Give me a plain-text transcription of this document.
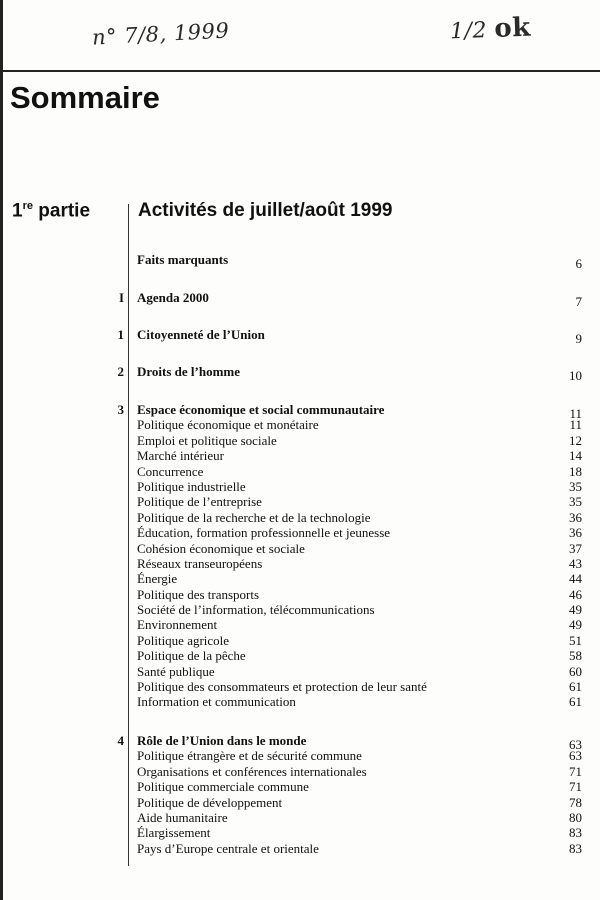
n° 7/8, 1999	1/2 ok
Sommaire
1re partie	Activités de juillet/août 1999
Faits marquants	6
I Agenda 2000	7
1 Citoyenneté de l’Union	9
2 Droits de l’homme	10
3 Espace économique et social communautaire	11
Politique économique et monétaire	11
Emploi et politique sociale	12
Marché intérieur	14
Concurrence	18
Politique industrielle	35
Politique de l’entreprise	35
Politique de la recherche et de la technologie	36
Éducation, formation professionnelle et jeunesse	36
Cohésion économique et sociale	37
Réseaux transeuropéens	43
Énergie	44
Politique des transports	46
Société de l’information, télécommunications	49
Environnement	49
Politique agricole	51
Politique de la pêche	58
Santé publique	60
Politique des consommateurs et protection de leur santé	61
Information et communication	61
4 Rôle de l’Union dans le monde	63
Politique étrangère et de sécurité commune	63
Organisations et conférences internationales	71
Politique commerciale commune	71
Politique de développement	78
Aide humanitaire	80
Élargissement	83
Pays d’Europe centrale et orientale	83
